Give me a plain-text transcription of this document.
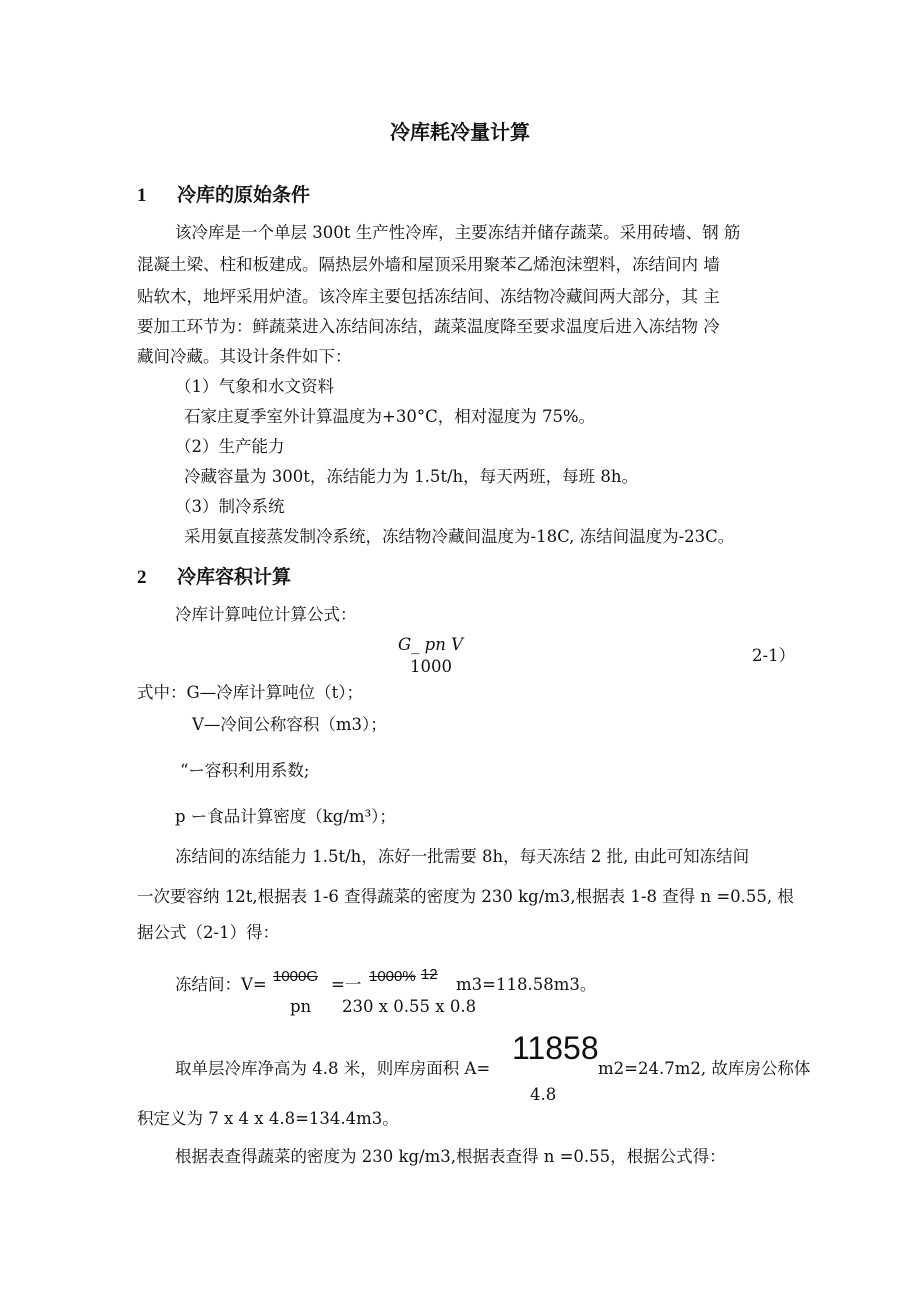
冷库耗冷量计算
1 冷库的原始条件
该冷库是一个单层 300t 生产性冷库，主要冻结并储存蔬菜。采用砖墙、钢 筋
混凝土梁、柱和板建成。隔热层外墙和屋顶采用聚苯乙烯泡沫塑料，冻结间内 墙
贴软木，地坪采用炉渣。该冷库主要包括冻结间、冻结物冷藏间两大部分，其 主
要加工环节为：鲜蔬菜进入冻结间冻结，蔬菜温度降至要求温度后进入冻结物 冷
藏间冷藏。其设计条件如下：
（1）气象和水文资料
石家庄夏季室外计算温度为+30°C，相对湿度为 75%。
（2）生产能力
冷藏容量为 300t，冻结能力为 1.5t/h，每天两班，每班 8h。
（3）制冷系统
采用氨直接蒸发制冷系统，冻结物冷藏间温度为-18C, 冻结间温度为-23C。
2 冷库容积计算
冷库计算吨位计算公式：
G_ pn V
1000
2-1）
式中：G—冷库计算吨位（t）；
V—冷间公称容积（m3）；
“ー容积利用系数;
p ー食品计算密度（kg/m³）；
冻结间的冻结能力 1.5t/h，冻好一批需要 8h，每天冻结 2 批, 由此可知冻结间
一次要容纳 12t,根据表 1-6 查得蔬菜的密度为 230 kg/m3,根据表 1-8 查得 n =0.55, 根
据公式（2-1）得：
冻结间：V= 1000G =一 1000% 12
m3=118.58m3。
pn 230 x 0.55 x 0.8
取单层冷库净高为 4.8 米，则库房面积 A=
11858
m2=24.7m2, 故库房公称体
4.8
积定义为 7 x 4 x 4.8=134.4m3。
根据表查得蔬菜的密度为 230 kg/m3,根据表查得 n =0.55，根据公式得：
